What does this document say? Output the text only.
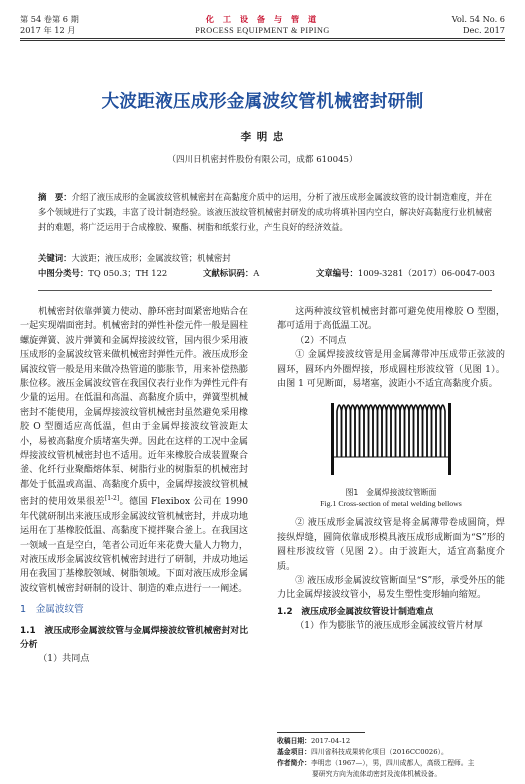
第 54 卷第 6 期
2017 年 12 月
化 工 设 备 与 管 道
PROCESS EQUIPMENT & PIPING
Vol. 54 No. 6
Dec. 2017
大波距液压成形金属波纹管机械密封研制
李 明 忠
（四川日机密封件股份有限公司，成都 610045）
摘　要：介绍了液压成形的金属波纹管机械密封在高黏度介质中的运用，分析了液压成形金属波纹管的设计制造难度，并在多个领域进行了实践，丰富了设计制造经验。该液压波纹管机械密封研发的成功将填补国内空白，解决好高黏度行业机械密封的难题，将广泛运用于合成橡胶、聚酯、树脂和纸浆行业，产生良好的经济效益。
关键词：大波距；液压成形；金属波纹管；机械密封
中图分类号：TQ 050.3；TH 122	文献标识码：A	文章编号：1009-3281（2017）06-0047-003

机械密封依靠弹簧力使动、静环密封面紧密地贴合在一起实现端面密封。机械密封的弹性补偿元件一般是圆柱螺旋弹簧、波片弹簧和金属焊接波纹管，国内很少采用液压成形的金属波纹管来做机械密封弹性元件。液压成形金属波纹管一般是用来做冷热管道的膨胀节，用来补偿热膨胀位移。液压金属波纹管在我国仪表行业作为弹性元件有少量的运用。在低温和高温、高黏度介质中，弹簧型机械密封不能使用，金属焊接波纹管机械密封虽然避免采用橡胶 O 型圈适应高低温，但由于金属焊接波纹管波距太小，易被高黏度介质堵塞失弹。因此在这样的工况中金属焊接波纹管机械密封也不适用。近年来橡胶合成装置聚合釜、化纤行业聚酯熔体泵、树脂行业的树脂泵的机械密封都处于低温或高温、高黏度介质中，金属焊接波纹管机械密封的使用效果很差[1-2]。德国 Flexibox 公司在 1990 年代就研制出来液压成形金属波纹管机械密封，并成功地运用在丁基橡胶低温、高黏度下搅拌聚合釜上。在我国这一领域一直是空白，笔者公司近年来花费大量人力物力，对液压成形金属波纹管机械密封进行了研制，并成功地运用在我国丁基橡胶领域、树脂领域。下面对液压成形金属波纹管机械密封研制的设计、制造的难点进行一一阐述。

1　金属波纹管
1.1　液压成形金属波纹管与金属焊接波纹管机械密封对比分析

（1）共同点

这两种波纹管机械密封都可避免使用橡胶 O 型圈，都可适用于高低温工况。

（2）不同点

① 金属焊接波纹管是用金属薄带冲压成带正弦波的圆环，圆环内外圈焊接，形成圆柱形波纹管（见图 1）。由图 1 可见断面，易堵塞，波距小不适宜高黏度介质。

图1　金属焊接波纹管断面
Fig.1 Cross-section of metal welding bellows

② 液压成形金属波纹管是将金属薄带卷成圆筒，焊接纵焊缝，圆筒依靠成形模具液压成形成断面为“S”形的圆柱形波纹管（见图 2）。由于波距大，适宜高黏度介质。

③ 液压成形金属波纹管断面呈“S”形，承受外压的能力比金属焊接波纹管小，易发生塑性变形轴向缩短。

1.2　液压成形金属波纹管设计制造难点

（1）作为膨胀节的液压成形金属波纹管片材厚

收稿日期：2017-04-12
基金项目：四川省科技成果转化项目（2016CC0026）。
作者简介：李明忠（1967—），男，四川成都人，高级工程师。主
要研究方向为流体动密封及流体机械设备。
